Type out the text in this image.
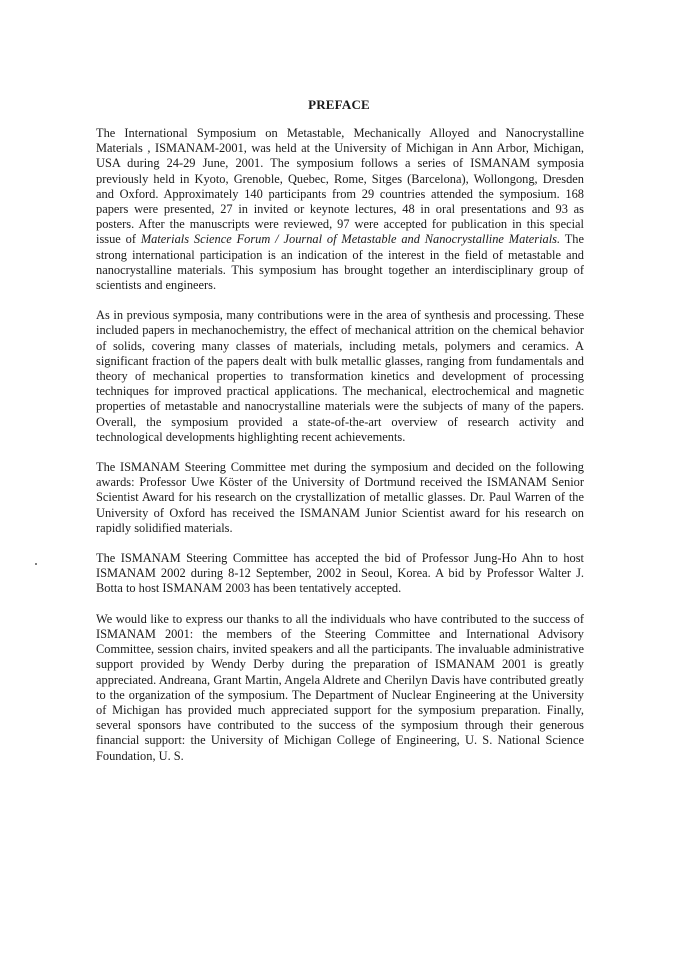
PREFACE

The International Symposium on Metastable, Mechanically Alloyed and Nanocrystalline Materials , ISMANAM-2001, was held at the University of Michigan in Ann Arbor, Michigan, USA during 24-29 June, 2001. The symposium follows a series of ISMANAM symposia previously held in Kyoto, Grenoble, Quebec, Rome, Sitges (Barcelona), Wollongong, Dresden and Oxford. Approximately 140 participants from 29 countries attended the symposium. 168 papers were presented, 27 in invited or keynote lectures, 48 in oral presentations and 93 as posters. After the manuscripts were reviewed, 97 were accepted for publication in this special issue of Materials Science Forum / Journal of Metastable and Nanocrystalline Materials. The strong international participation is an indication of the interest in the field of metastable and nanocrystalline materials. This symposium has brought together an interdisciplinary group of scientists and engineers.

As in previous symposia, many contributions were in the area of synthesis and processing. These included papers in mechanochemistry, the effect of mechanical attrition on the chemical behavior of solids, covering many classes of materials, including metals, polymers and ceramics. A significant fraction of the papers dealt with bulk metallic glasses, ranging from fundamentals and theory of mechanical properties to transformation kinetics and development of processing techniques for improved practical applications. The mechanical, electrochemical and magnetic properties of metastable and nanocrystalline materials were the subjects of many of the papers. Overall, the symposium provided a state-of-the-art overview of research activity and technological developments highlighting recent achievements.

The ISMANAM Steering Committee met during the symposium and decided on the following awards: Professor Uwe Köster of the University of Dortmund received the ISMANAM Senior Scientist Award for his research on the crystallization of metallic glasses. Dr. Paul Warren of the University of Oxford has received the ISMANAM Junior Scientist award for his research on rapidly solidified materials.

The ISMANAM Steering Committee has accepted the bid of Professor Jung-Ho Ahn to host ISMANAM 2002 during 8-12 September, 2002 in Seoul, Korea. A bid by Professor Walter J. Botta to host ISMANAM 2003 has been tentatively accepted.

We would like to express our thanks to all the individuals who have contributed to the success of ISMANAM 2001: the members of the Steering Committee and International Advisory Committee, session chairs, invited speakers and all the participants. The invaluable administrative support provided by Wendy Derby during the preparation of ISMANAM 2001 is greatly appreciated. Andreana, Grant Martin, Angela Aldrete and Cherilyn Davis have contributed greatly to the organization of the symposium. The Department of Nuclear Engineering at the University of Michigan has provided much appreciated support for the symposium preparation. Finally, several sponsors have contributed to the success of the symposium through their generous financial support: the University of Michigan College of Engineering, U. S. National Science Foundation, U. S.
